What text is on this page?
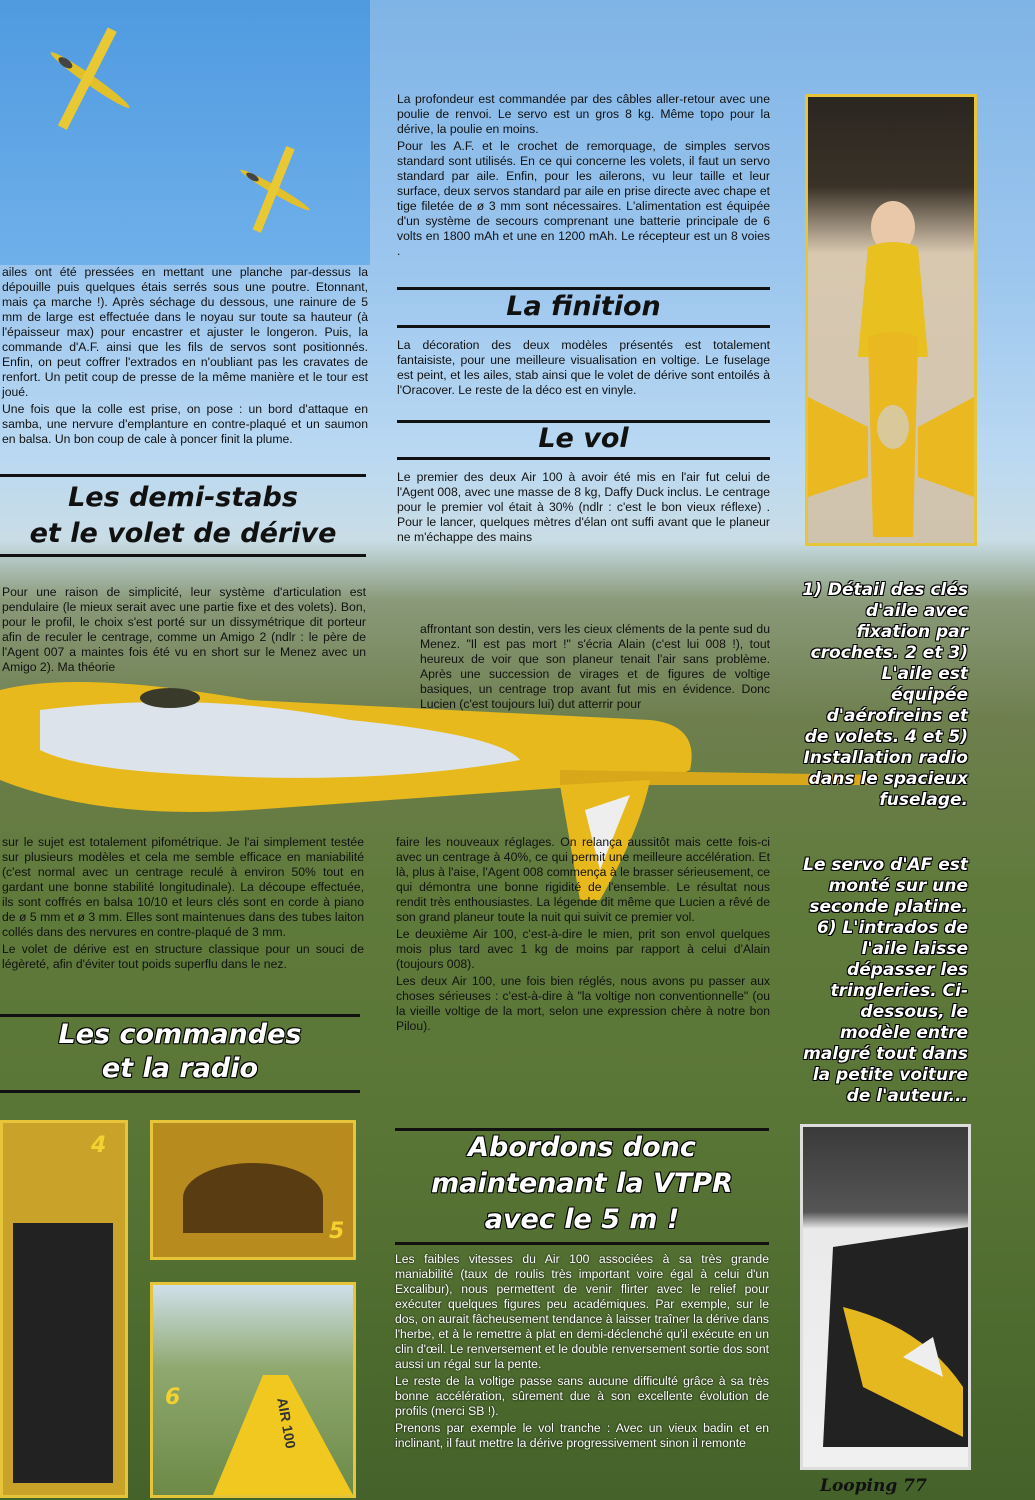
ailes ont été pressées en mettant une planche par-dessus la dépouille puis quelques étais serrés sous une poutre. Etonnant, mais ça marche !). Après séchage du dessous, une rainure de 5 mm de large est effectuée dans le noyau sur toute sa hauteur (à l'épaisseur max) pour encastrer et ajuster le longeron. Puis, la commande d'A.F. ainsi que les fils de servos sont positionnés. Enfin, on peut coffrer l'extrados en n'oubliant pas les cravates de renfort. Un petit coup de presse de la même manière et le tour est joué.

Une fois que la colle est prise, on pose : un bord d'attaque en samba, une nervure d'emplanture en contre-plaqué et un saumon en balsa. Un bon coup de cale à poncer finit la plume.

Les demi-stabs
et le volet de dérive
Pour une raison de simplicité, leur système d'articulation est pendulaire (le mieux serait avec une partie fixe et des volets). Bon, pour le profil, le choix s'est porté sur un dissymétrique dit porteur afin de reculer le centrage, comme un Amigo 2 (ndlr : le père de l'Agent 007 a maintes fois été vu en short sur le Menez avec un Amigo 2). Ma théorie

sur le sujet est totalement pifométrique. Je l'ai simplement testée sur plusieurs modèles et cela me semble efficace en maniabilité (c'est normal avec un centrage reculé à environ 50% tout en gardant une bonne stabilité longitudinale). La découpe effectuée, ils sont coffrés en balsa 10/10 et leurs clés sont en corde à piano de ø 5 mm et ø 3 mm. Elles sont maintenues dans des tubes laiton collés dans des nervures en contre-plaqué de 3 mm.

Le volet de dérive est en structure classique pour un souci de légèreté, afin d'éviter tout poids superflu dans le nez.

Les commandes
et la radio
4
5
AIR 100
6

La profondeur est commandée par des câbles aller-retour avec une poulie de renvoi. Le servo est un gros 8 kg. Même topo pour la dérive, la poulie en moins.

Pour les A.F. et le crochet de remorquage, de simples servos standard sont utilisés. En ce qui concerne les volets, il faut un servo standard par aile. Enfin, pour les ailerons, vu leur taille et leur surface, deux servos standard par aile en prise directe avec chape et tige filetée de ø 3 mm sont nécessaires. L'alimentation est équipée d'un système de secours comprenant une batterie principale de 6 volts en 1800 mAh et une en 1200 mAh. Le récepteur est un 8 voies .

La finition
La décoration des deux modèles présentés est totalement fantaisiste, pour une meilleure visualisation en voltige. Le fuselage est peint, et les ailes, stab ainsi que le volet de dérive sont entoilés à l'Oracover. Le reste de la déco est en vinyle.
Le vol
Le premier des deux Air 100 à avoir été mis en l'air fut celui de l'Agent 008, avec une masse de 8 kg, Daffy Duck inclus. Le centrage pour le premier vol était à 30% (ndlr : c'est le bon vieux réflexe) . Pour le lancer, quelques mètres d'élan ont suffi avant que le planeur ne m'échappe des mains
affrontant son destin, vers les cieux cléments de la pente sud du Menez. "Il est pas mort !" s'écria Alain (c'est lui 008 !), tout heureux de voir que son planeur tenait l'air sans problème. Après une succession de virages et de figures de voltige basiques, un centrage trop avant fut mis en évidence. Donc Lucien (c'est toujours lui) dut atterrir pour

faire les nouveaux réglages. On relança aussitôt mais cette fois-ci avec un centrage à 40%, ce qui permit une meilleure accélération. Et là, plus à l'aise, l'Agent 008 commença à le brasser sérieusement, ce qui démontra une bonne rigidité de l'ensemble. Le résultat nous rendit très enthousiastes. La légende dit même que Lucien a rêvé de son grand planeur toute la nuit qui suivit ce premier vol.

Le deuxième Air 100, c'est-à-dire le mien, prit son envol quelques mois plus tard avec 1 kg de moins par rapport à celui d'Alain (toujours 008).

Les deux Air 100, une fois bien réglés, nous avons pu passer aux choses sérieuses : c'est-à-dire à "la voltige non conventionnelle" (ou la vieille voltige de la mort, selon une expression chère à notre bon Pilou).

Abordons donc
maintenant la VTPR
avec le 5 m !

Les faibles vitesses du Air 100 associées à sa très grande maniabilité (taux de roulis très important voire égal à celui d'un Excalibur), nous permettent de venir flirter avec le relief pour exécuter quelques figures peu académiques. Par exemple, sur le dos, on aurait fâcheusement tendance à laisser traîner la dérive dans l'herbe, et à le remettre à plat en demi-déclenché qu'il exécute en un clin d'œil. Le renversement et le double renversement sortie dos sont aussi un régal sur la pente.

Le reste de la voltige passe sans aucune difficulté grâce à sa très bonne accélération, sûrement due à son excellente évolution de profils (merci SB !).

Prenons par exemple le vol tranche : Avec un vieux badin et en inclinant, il faut mettre la dérive progressivement sinon il remonte

1) Détail des clés d'aile avec fixation par crochets. 2 et 3) L'aile est équipée d'aérofreins et de volets. 4 et 5) Installation radio dans le spacieux fuselage.
Le servo d'AF est monté sur une seconde platine. 6) L'intrados de l'aile laisse dépasser les tringleries. Ci-dessous, le modèle entre malgré tout dans la petite voiture de l'auteur...
Looping 77
